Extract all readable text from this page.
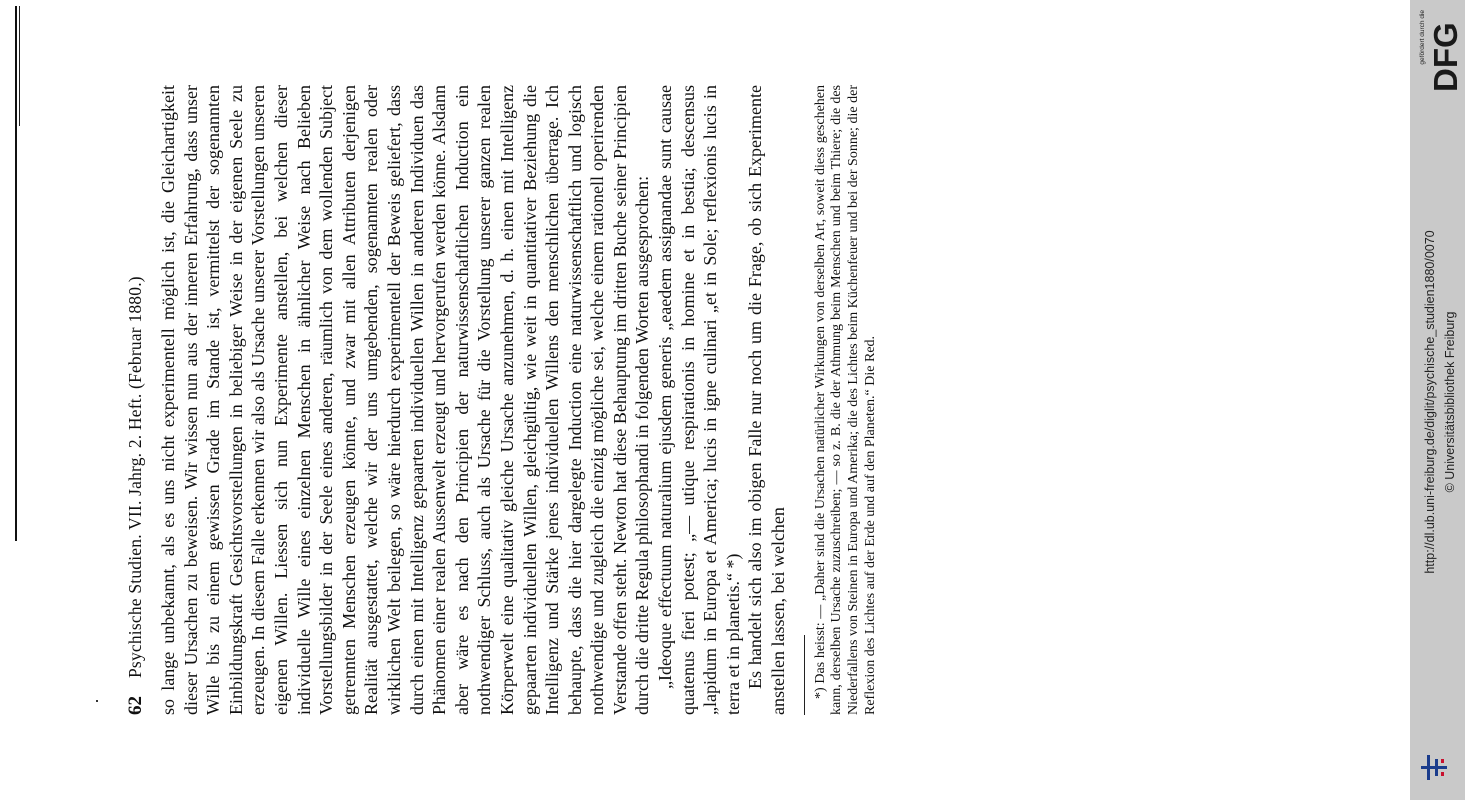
62
Psychische Studien. VII. Jahrg. 2. Heft. (Februar 1880.) so lange unbekannt, als es uns nicht experimentell möglich ist, die Gleichartigkeit dieser Ursachen zu beweisen. Wir wissen nun aus der inneren Erfahrung, dass unser Wille bis zu einem gewissen Grade im Stande ist, vermittelst der sogenannten Einbildungskraft Gesichtsvorstellungen in beliebiger Weise in der eigenen Seele zu erzeugen. In diesem Falle erkennen wir also als Ursache unserer Vorstellungen unseren eigenen Willen. Liessen sich nun Experimente anstellen, bei welchen dieser individuelle Wille eines einzelnen Menschen in ähnlicher Weise nach Belieben Vorstellungsbilder in der Seele eines anderen, räumlich von dem wollenden Subject getrennten Menschen erzeugen könnte, und zwar mit allen Attributen derjenigen Realität ausgestattet, welche wir der uns umgebenden, sogenannten realen oder wirklichen Welt beilegen, so wäre hierdurch experimentell der Beweis geliefert, dass durch einen mit Intelligenz gepaarten individuellen Willen in anderen Individuen das Phänomen einer realen Aussenwelt erzeugt und hervorgerufen werden könne. Alsdann aber wäre es nach den Principien der naturwissenschaftlichen Induction ein nothwendiger Schluss, auch als Ursache für die Vorstellung unserer ganzen realen Körperwelt eine qualitativ gleiche Ursache anzunehmen, d. h. einen mit Intelligenz gepaarten individuellen Willen, gleichgültig, wie weit in quantitativer Beziehung die Intelligenz und Stärke jenes individuellen Willens den menschlichen überrage. Ich behaupte, dass die hier dargelegte Induction eine naturwissenschaftlich und logisch nothwendige und zugleich die einzig mögliche sei, welche einem rationell operirenden Verstande offen steht. Newton hat diese Behauptung im dritten Buche seiner Principien durch die dritte Regula philosophandi in folgenden Worten ausgesprochen: „Ideoque effectuum naturalium ejusdem generis „eaedem assignandae sunt causae quatenus fieri potest; „— utique respirationis in homine et in bestia; descensus „lapidum in Europa et America; lucis in igne culinari „et in Sole; reflexionis lucis in terra et in planetis.“ *) Es handelt sich also im obigen Falle nur noch um die Frage, ob sich Experimente anstellen lassen, bei welchen *) Das heisst: — „Daher sind die Ursachen natürlicher Wirkungen von derselben Art, soweit diess geschehen kann, derselben Ursache zuzuschreiben; — so z. B. die der Athmung beim Menschen und beim Thiere; die des Niederfallens von Steinen in Europa und Amerika; die des Lichtes beim Küchenfeuer und bei der Sonne; die der Reflexion des Lichtes auf der Erde und auf den Planeten.“ Die Red.

DFG
gefördert durch die
http://dl.ub.uni-freiburg.de/diglit/psychische_studien1880/0070 © Universitätsbibliothek Freiburg
